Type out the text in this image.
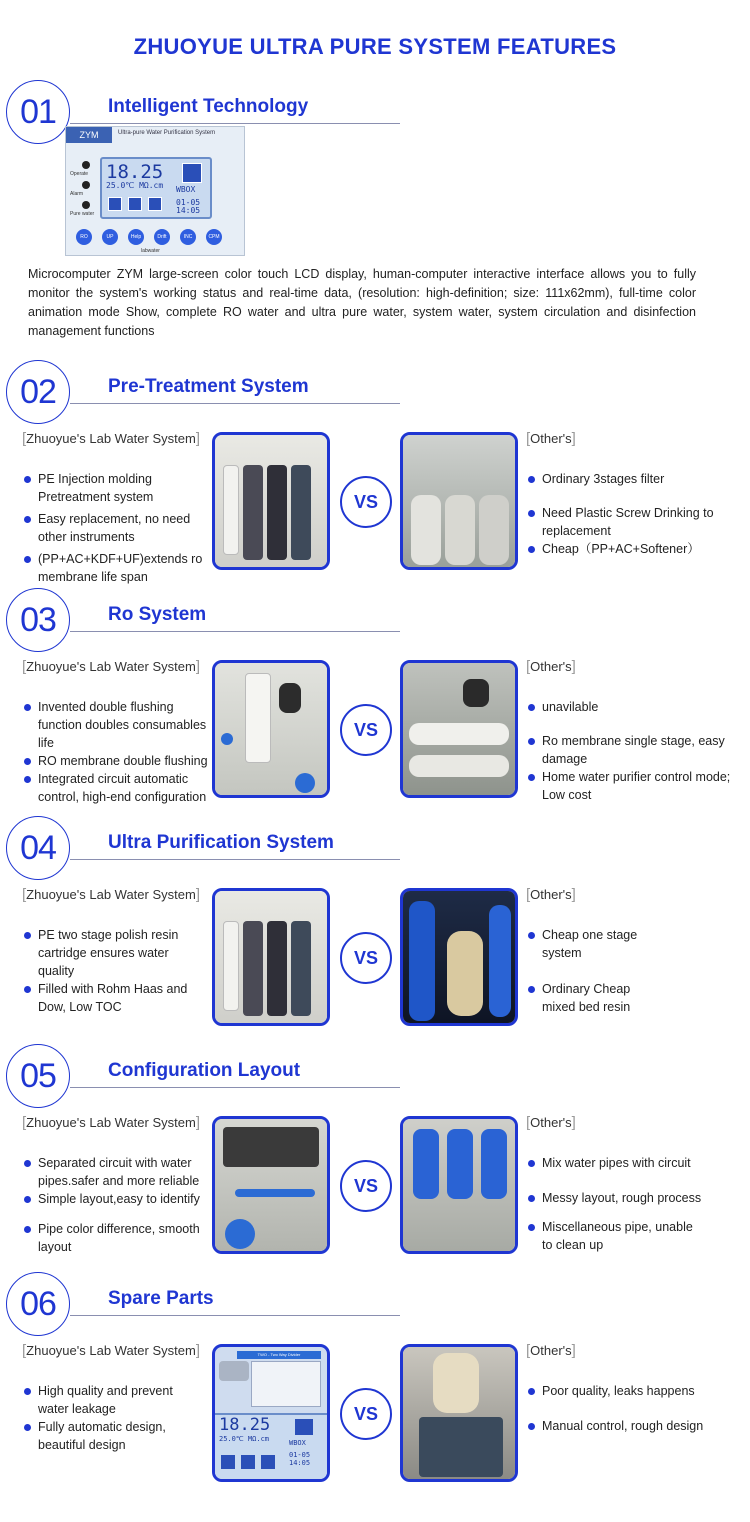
ZHUOYUE ULTRA PURE SYSTEM FEATURES
01	Intelligent Technology
ZYM	Ultra-pure Water Purification System
Operate
Alarm
Pure water
18.25
25.0℃ MΩ.cm WBOX
01-05
14:05
RO	UP	Help	Drift	INC	CPM
labwater
Microcomputer ZYM large-screen color touch LCD display, human-computer interactive interface allows you to fully monitor the system's working status and real-time data, (resolution: high-definition; size: 111x62mm), full-time color animation mode Show, complete RO water and ultra pure water, system water, system circulation and disinfection management functions
02	Pre-Treatment System
[Zhuoyue's Lab Water System]	[Other's]
PE Injection molding Pretreatment system
Easy replacement, no need other instruments
(PP+AC+KDF+UF)extends ro membrane life span
Ordinary 3stages filter
Need Plastic Screw Drinking to replacement
Cheap（PP+AC+Softener）
VS
03	Ro System
[Zhuoyue's Lab Water System]	[Other's]
Invented double flushing function doubles consumables life
RO membrane double flushing
Integrated circuit automatic control, high-end configuration
unavilable
Ro membrane single stage, easy damage
Home water purifier control mode; Low cost
VS
04	Ultra Purification System
[Zhuoyue's Lab Water System]	[Other's]
PE two stage polish resin cartridge ensures water quality
Filled with Rohm Haas and Dow, Low TOC
Cheap one stage system
Ordinary Cheap mixed bed resin
VS
05	Configuration Layout
[Zhuoyue's Lab Water System]	[Other's]
Separated circuit with water pipes.safer and more reliable
Simple layout,easy to identify
Pipe color difference, smooth layout
Mix water pipes with circuit
Messy layout, rough process
Miscellaneous pipe, unable to clean up
VS
06	Spare Parts
[Zhuoyue's Lab Water System]	[Other's]
High quality and prevent water leakage
Fully automatic design, beautiful design
Poor quality, leaks happens
Manual control, rough design
TWO - Two Way Divider
18.25
25.0℃ MΩ.cm	WBOX
01-05
14:05
VS
